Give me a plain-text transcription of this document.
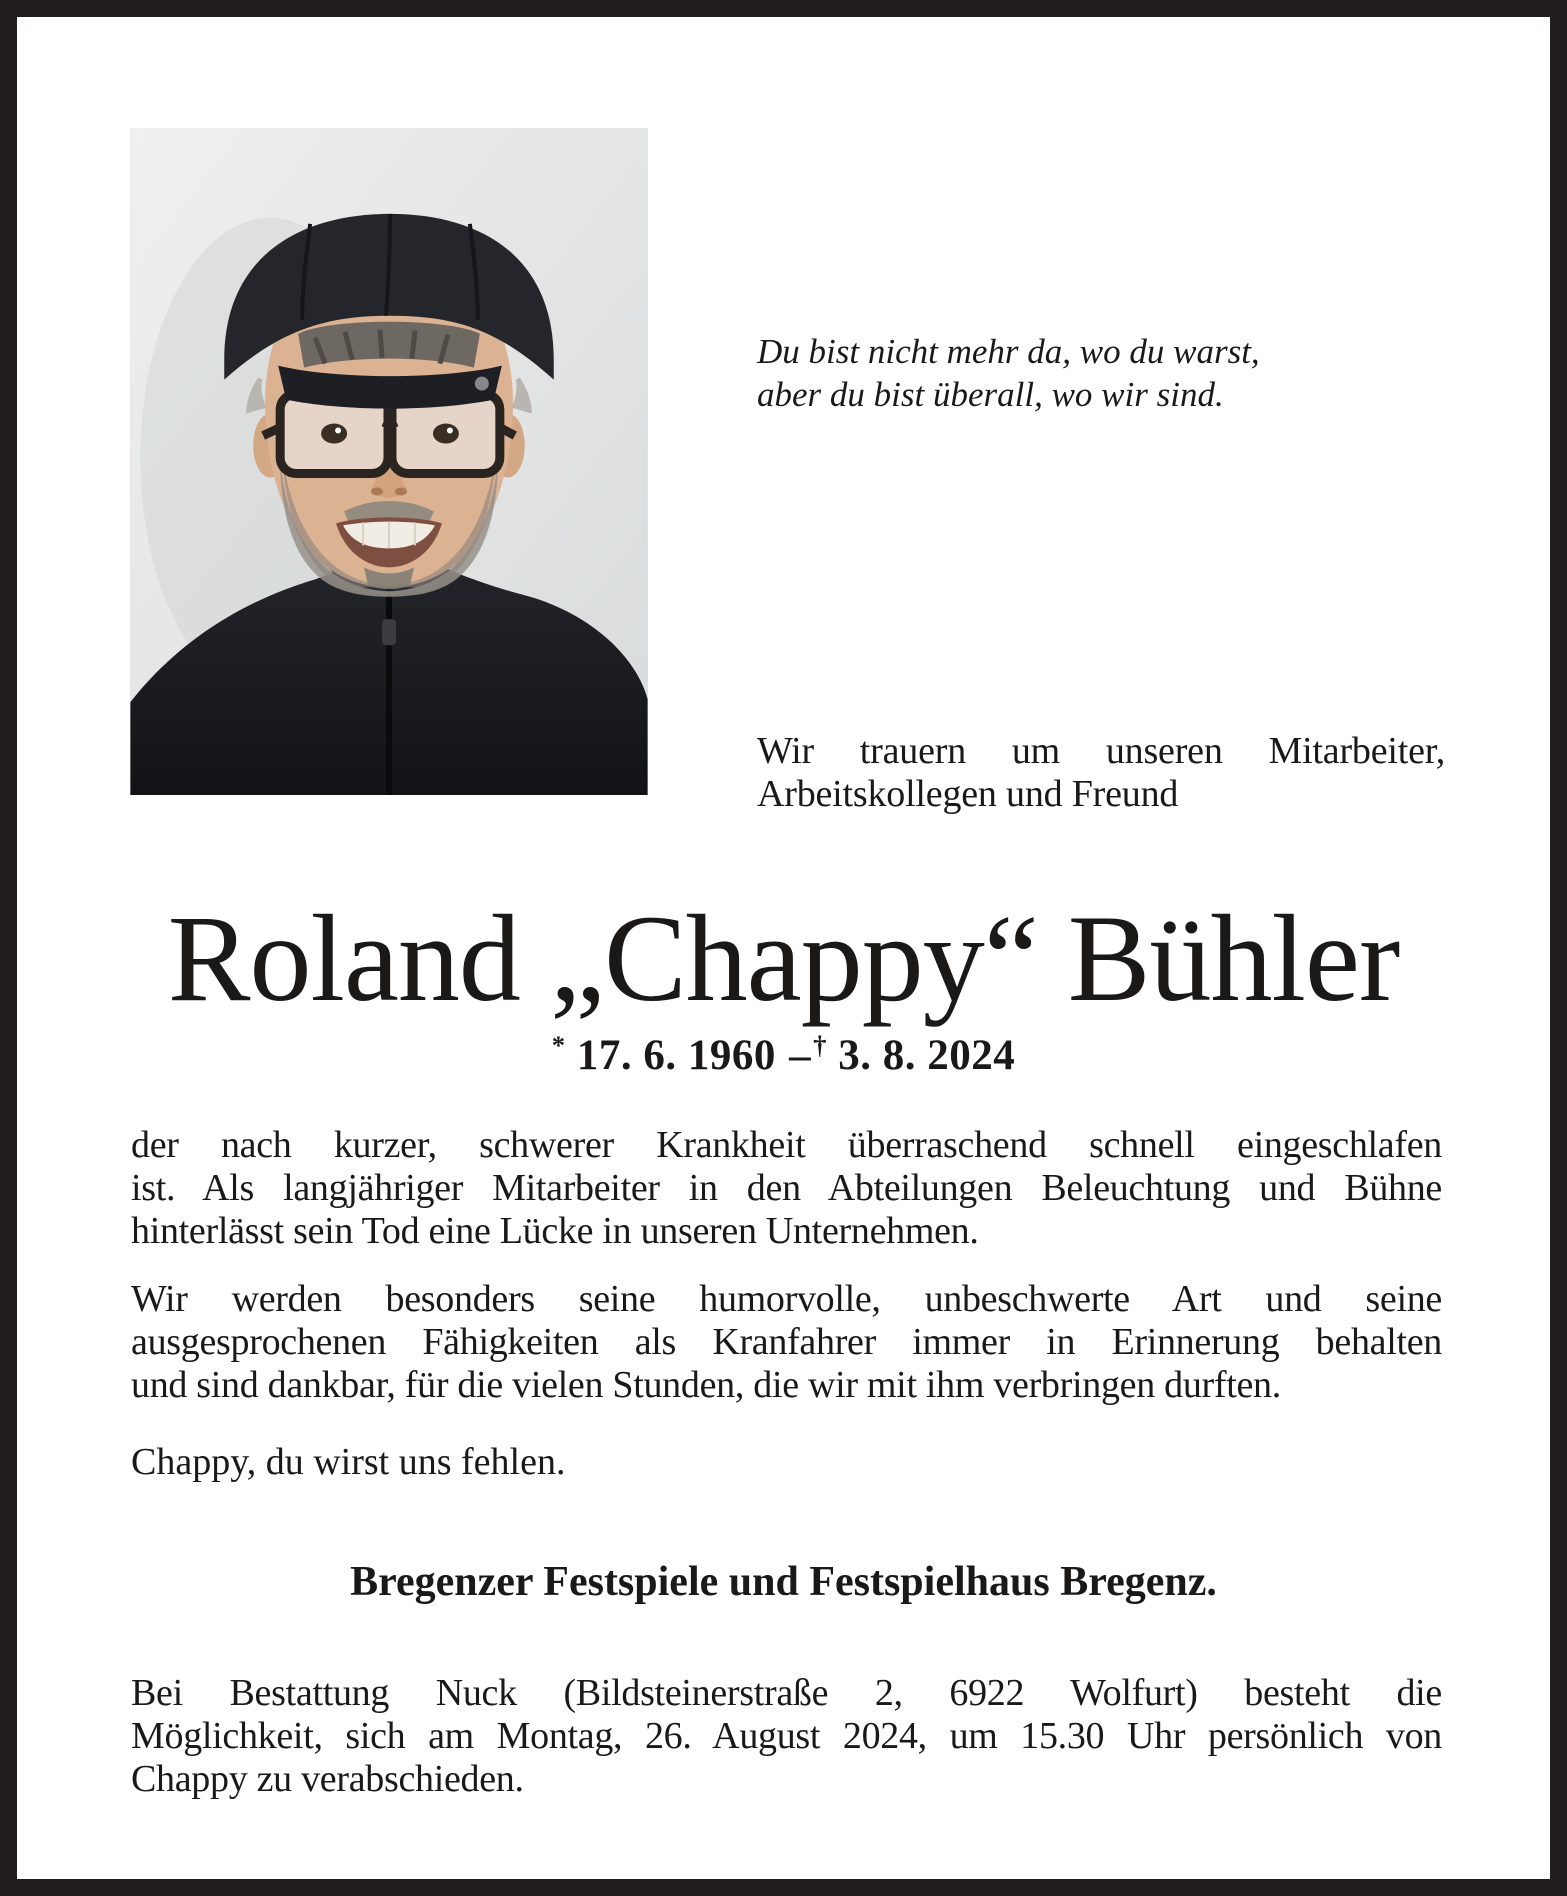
Du bist nicht mehr da, wo du warst,
aber du bist überall, wo wir sind.
Wir trauern um unseren Mitarbeiter,
Arbeitskollegen und Freund
Roland „Chappy“ Bühler
* 17. 6. 1960 –† 3. 8. 2024
der nach kurzer, schwerer Krankheit überraschend schnell eingeschlafen
ist. Als langjähriger Mitarbeiter in den Abteilungen Beleuchtung und Bühne
hinterlässt sein Tod eine Lücke in unseren Unternehmen.
Wir werden besonders seine humorvolle, unbeschwerte Art und seine
ausgesprochenen Fähigkeiten als Kranfahrer immer in Erinnerung behalten
und sind dankbar, für die vielen Stunden, die wir mit ihm verbringen durften.
Chappy, du wirst uns fehlen.
Bregenzer Festspiele und Festspielhaus Bregenz.
Bei Bestattung Nuck (Bildsteinerstraße 2, 6922 Wolfurt) besteht die
Möglichkeit, sich am Montag, 26. August 2024, um 15.30 Uhr persönlich von
Chappy zu verabschieden.
